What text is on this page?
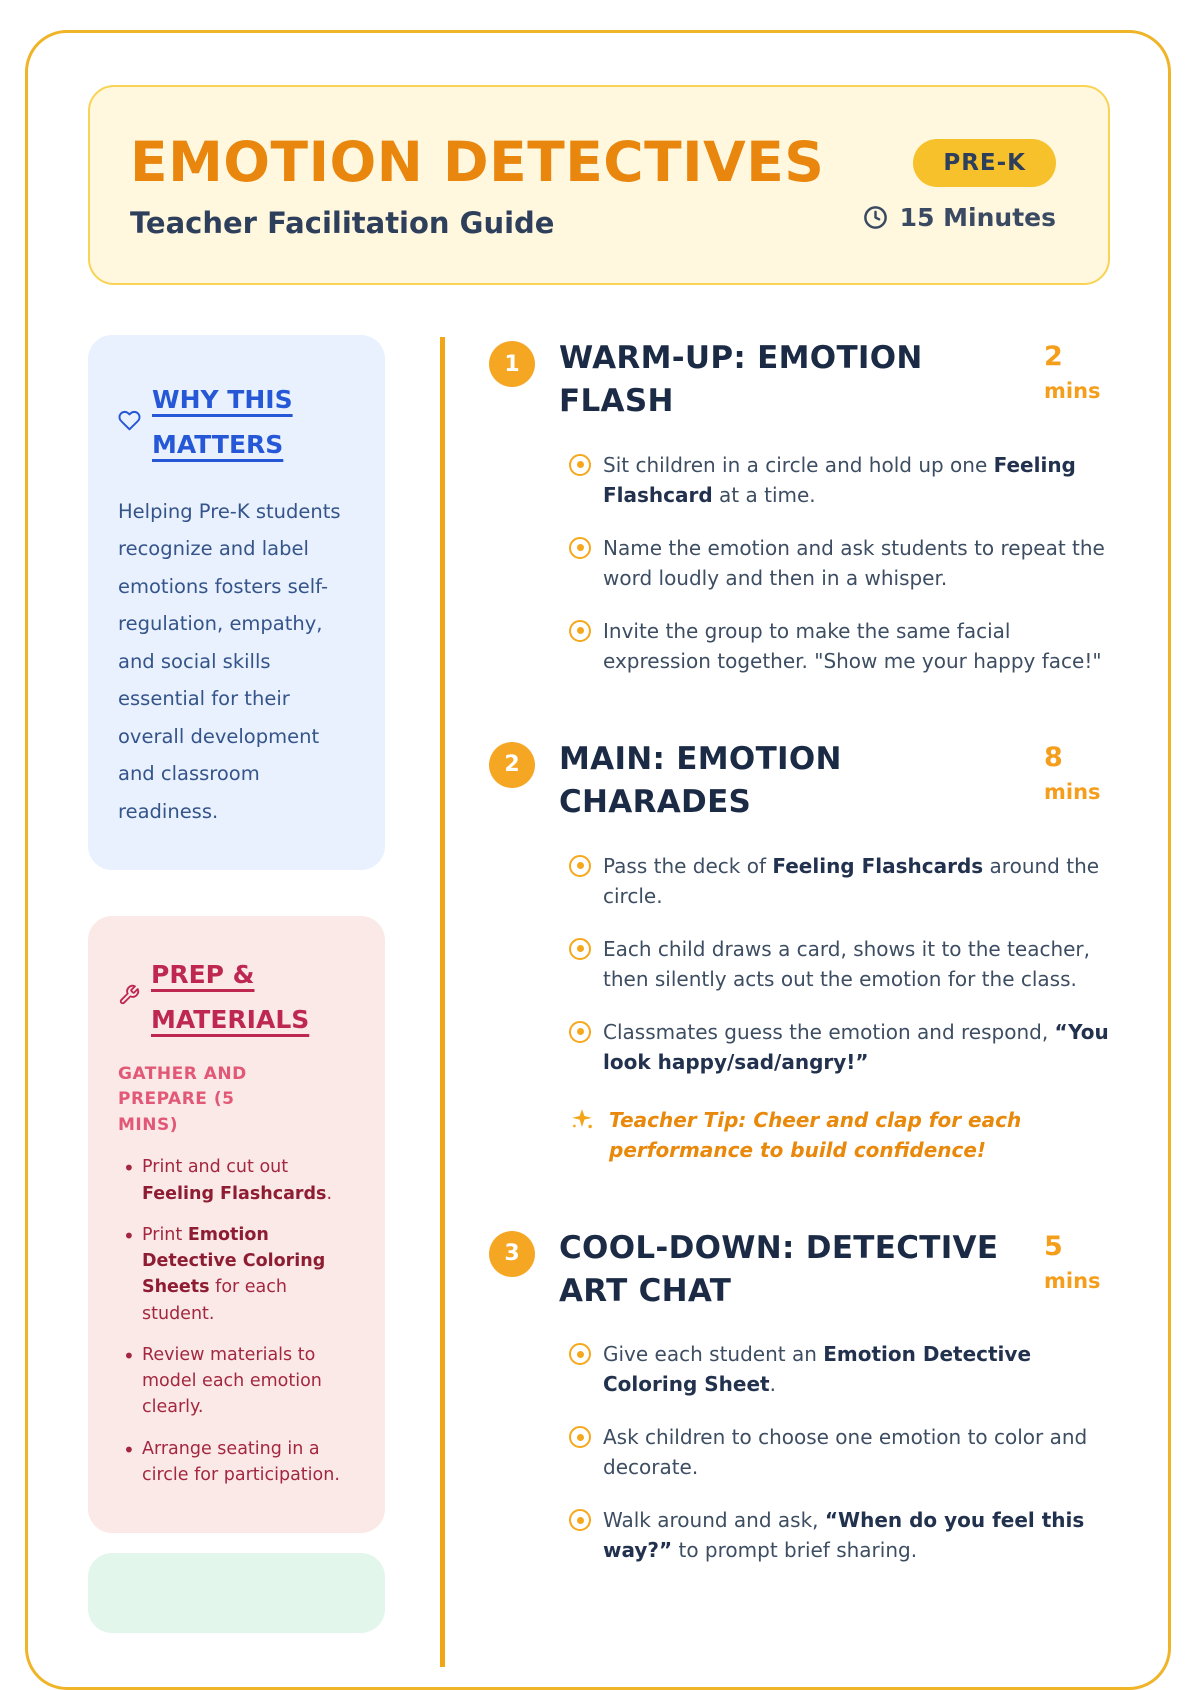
EMOTION DETECTIVES
Teacher Facilitation Guide
PRE-K
15 Minutes
WHY THIS MATTERS

Helping Pre-K students recognize and label emotions fosters self-regulation, empathy, and social skills essential for their overall development and classroom readiness.

PREP & MATERIALS
GATHER AND PREPARE (5 MINS)
• Print and cut out Feeling Flashcards.
• Print Emotion Detective Coloring Sheets for each student.
• Review materials to model each emotion clearly.
• Arrange seating in a circle for participation.
1	WARM-UP: EMOTION
FLASH
2
mins

Sit children in a circle and hold up one Feeling Flashcard at a time.

Name the emotion and ask students to repeat the word loudly and then in a whisper.

Invite the group to make the same facial expression together. "Show me your happy face!"

2	MAIN: EMOTION
CHARADES
8
mins

Pass the deck of Feeling Flashcards around the circle.

Each child draws a card, shows it to the teacher, then silently acts out the emotion for the class.

Classmates guess the emotion and respond, “You look happy/sad/angry!”

Teacher Tip: Cheer and clap for each performance to build confidence!

3	COOL-DOWN: DETECTIVE
ART CHAT
5
mins

Give each student an Emotion Detective Coloring Sheet.

Ask children to choose one emotion to color and decorate.

Walk around and ask, “When do you feel this way?” to prompt brief sharing.
